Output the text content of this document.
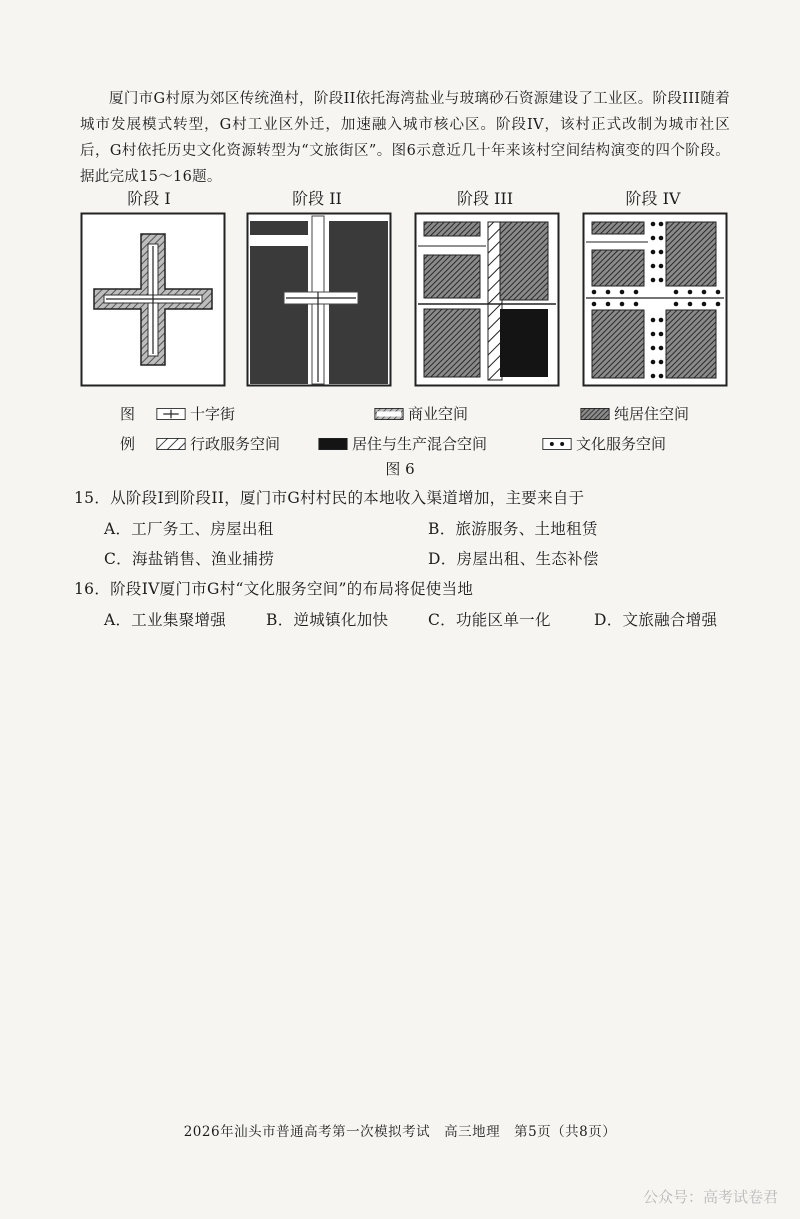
厦门市G村原为郊区传统渔村，阶段II依托海湾盐业与玻璃砂石资源建设了工业区。阶段III随着城市发展模式转型，G村工业区外迁，加速融入城市核心区。阶段IV，该村正式改制为城市社区后，G村依托历史文化资源转型为“文旅街区”。图6示意近几十年来该村空间结构演变的四个阶段。据此完成15～16题。
阶段 I	阶段 II	阶段 III	阶段 IV
图
例
十字街	商业空间	纯居住空间
行政服务空间	居住与生产混合空间	文化服务空间
图 6
15．从阶段I到阶段II，厦门市G村村民的本地收入渠道增加，主要来自于
A．工厂务工、房屋出租	B．旅游服务、土地租赁
C．海盐销售、渔业捕捞	D．房屋出租、生态补偿
16．阶段IV厦门市G村“文化服务空间”的布局将促使当地
A．工业集聚增强	B．逆城镇化加快	C．功能区单一化	D．文旅融合增强
2026年汕头市普通高考第一次模拟考试　高三地理　第5页（共8页）
公众号：高考试卷君
